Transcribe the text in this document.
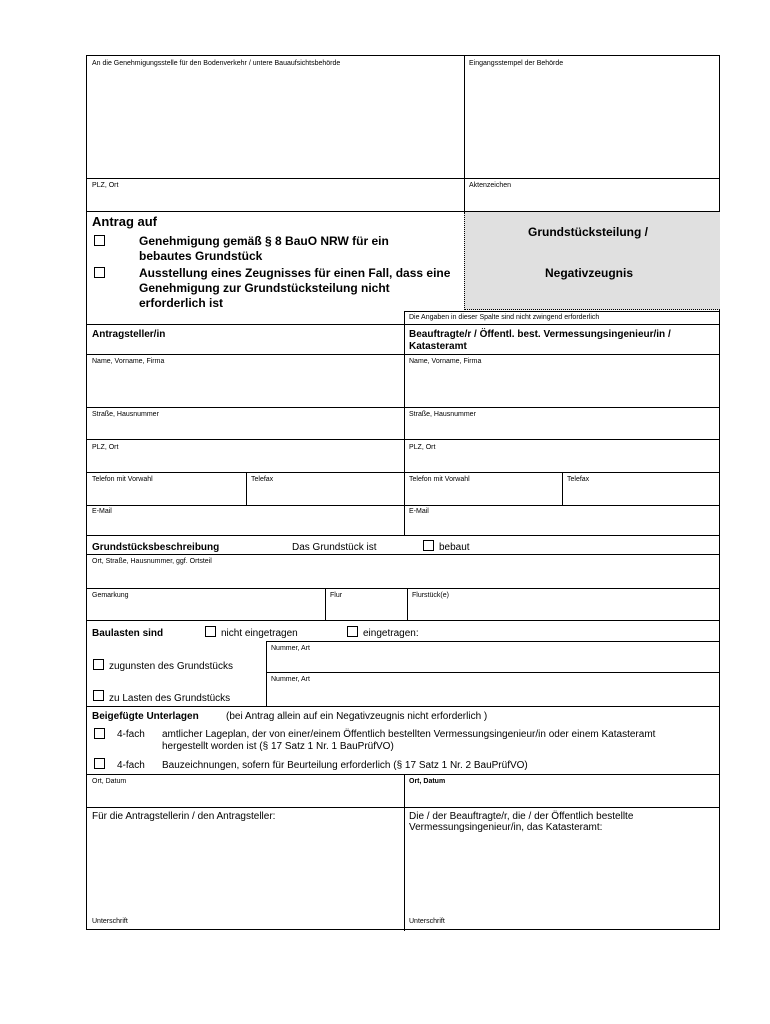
An die Genehmigungsstelle für den Bodenverkehr / untere Bauaufsichtsbehörde	Eingangsstempel der Behörde
PLZ, Ort	Aktenzeichen
Antrag auf
Genehmigung gemäß § 8 BauO NRW für ein bebautes Grundstück
Ausstellung eines Zeugnisses für einen Fall, dass eine Genehmigung zur Grundstücksteilung nicht erforderlich ist
Grundstücksteilung /
Negativzeugnis
Die Angaben in dieser Spalte sind nicht zwingend erforderlich
Antragsteller/in	Beauftragte/r / Öffentl. best. Vermessungsingenieur/in / Katasteramt
Name, Vorname, Firma	Name, Vorname, Firma
Straße, Hausnummer	Straße, Hausnummer
PLZ, Ort	PLZ, Ort
Telefon mit Vorwahl	Telefax	Telefon mit Vorwahl	Telefax
E-Mail	E-Mail
Grundstücksbeschreibung	Das Grundstück ist	bebaut
Ort, Straße, Hausnummer, ggf. Ortsteil
Gemarkung	Flur	Flurstück(e)
Baulasten sind	nicht eingetragen	eingetragen:
Nummer, Art
zugunsten des Grundstücks
Nummer, Art
zu Lasten des Grundstücks
Beigefügte Unterlagen	(bei Antrag allein auf ein Negativzeugnis nicht erforderlich )
4-fach amtlicher Lageplan, der von einer/einem Öffentlich bestellten Vermessungsingenieur/in oder einem Katasteramt
hergestellt worden ist (§ 17 Satz 1 Nr. 1 BauPrüfVO)
4-fach Bauzeichnungen, sofern für Beurteilung erforderlich (§ 17 Satz 1 Nr. 2 BauPrüfVO)
Ort, Datum	Ort, Datum
Für die Antragstellerin / den Antragsteller:	Die / der Beauftragte/r, die / der Öffentlich bestellte
Vermessungsingenieur/in, das Katasteramt:
Unterschrift	Unterschrift
